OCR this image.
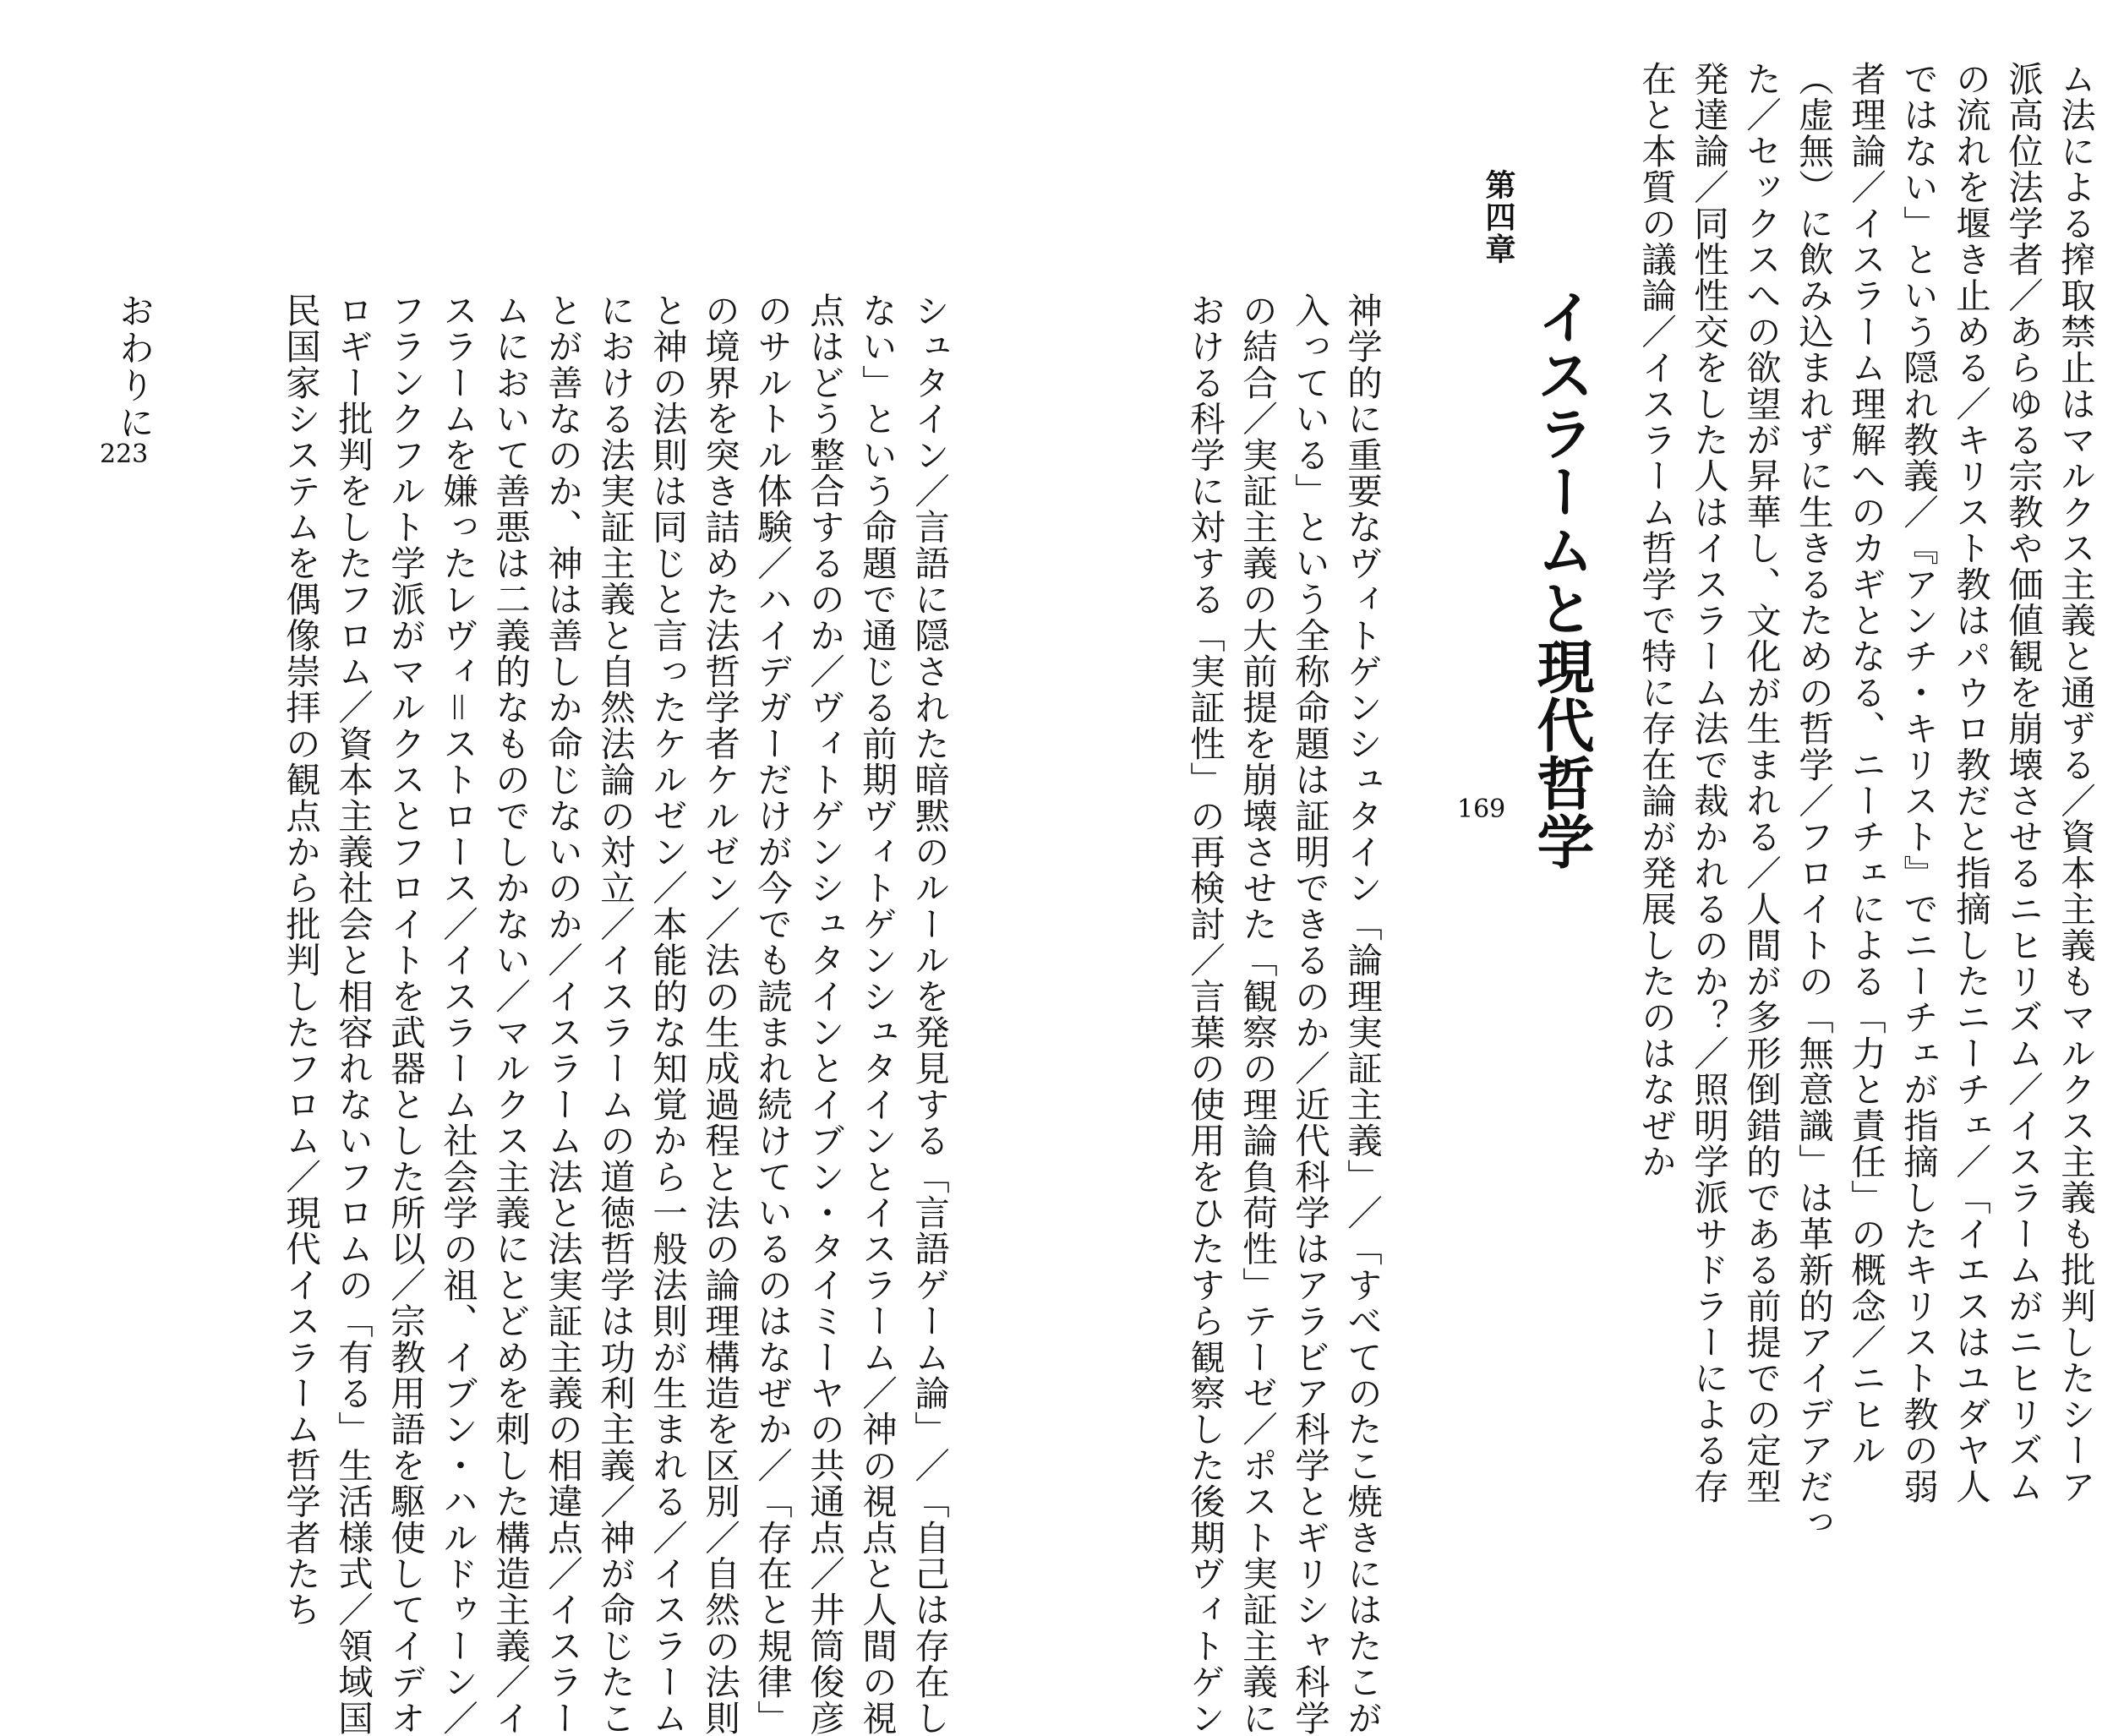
ム法による搾取禁止はマルクス主義と通ずる／資本主義もマルクス主義も批判したシーア
派高位法学者／あらゆる宗教や価値観を崩壊させるニヒリズム／イスラームがニヒリズム
の流れを堰き止める／キリスト教はパウロ教だと指摘したニーチェ／「イエスはユダヤ人
ではない」という隠れ教義／『アンチ・キリスト』でニーチェが指摘したキリスト教の弱
者理論／イスラーム理解へのカギとなる、ニーチェによる「力と責任」の概念／ニヒル
（虚無）に飲み込まれずに生きるための哲学／フロイトの「無意識」は革新的アイデアだっ
た／セックスへの欲望が昇華し、文化が生まれる／人間が多形倒錯的である前提での定型
発達論／同性性交をした人はイスラーム法で裁かれるのか？／照明学派サドラーによる存
在と本質の議論／イスラーム哲学で特に存在論が発展したのはなぜか
第四章
イスラームと現代哲学
169
神学的に重要なヴィトゲンシュタイン「論理実証主義」／「すべてのたこ焼きにはたこが
入っている」という全称命題は証明できるのか／近代科学はアラビア科学とギリシャ科学
の結合／実証主義の大前提を崩壊させた「観察の理論負荷性」テーゼ／ポスト実証主義に
おける科学に対する「実証性」の再検討／言葉の使用をひたすら観察した後期ヴィトゲン
シュタイン／言語に隠された暗黙のルールを発見する「言語ゲーム論」／「自己は存在し
ない」という命題で通じる前期ヴィトゲンシュタインとイスラーム／神の視点と人間の視
点はどう整合するのか／ヴィトゲンシュタインとイブン・タイミーヤの共通点／井筒俊彦
のサルトル体験／ハイデガーだけが今でも読まれ続けているのはなぜか／「存在と規律」
の境界を突き詰めた法哲学者ケルゼン／法の生成過程と法の論理構造を区別／自然の法則
と神の法則は同じと言ったケルゼン／本能的な知覚から一般法則が生まれる／イスラーム
における法実証主義と自然法論の対立／イスラームの道徳哲学は功利主義／神が命じたこ
とが善なのか、神は善しか命じないのか／イスラーム法と法実証主義の相違点／イスラー
ムにおいて善悪は二義的なものでしかない／マルクス主義にとどめを刺した構造主義／イ
スラームを嫌ったレヴィ＝ストロース／イスラーム社会学の祖、イブン・ハルドゥーン／
フランクフルト学派がマルクスとフロイトを武器とした所以／宗教用語を駆使してイデオ
ロギー批判をしたフロム／資本主義社会と相容れないフロムの「有る」生活様式／領域国
民国家システムを偶像崇拝の観点から批判したフロム／現代イスラーム哲学者たち
おわりに
223
